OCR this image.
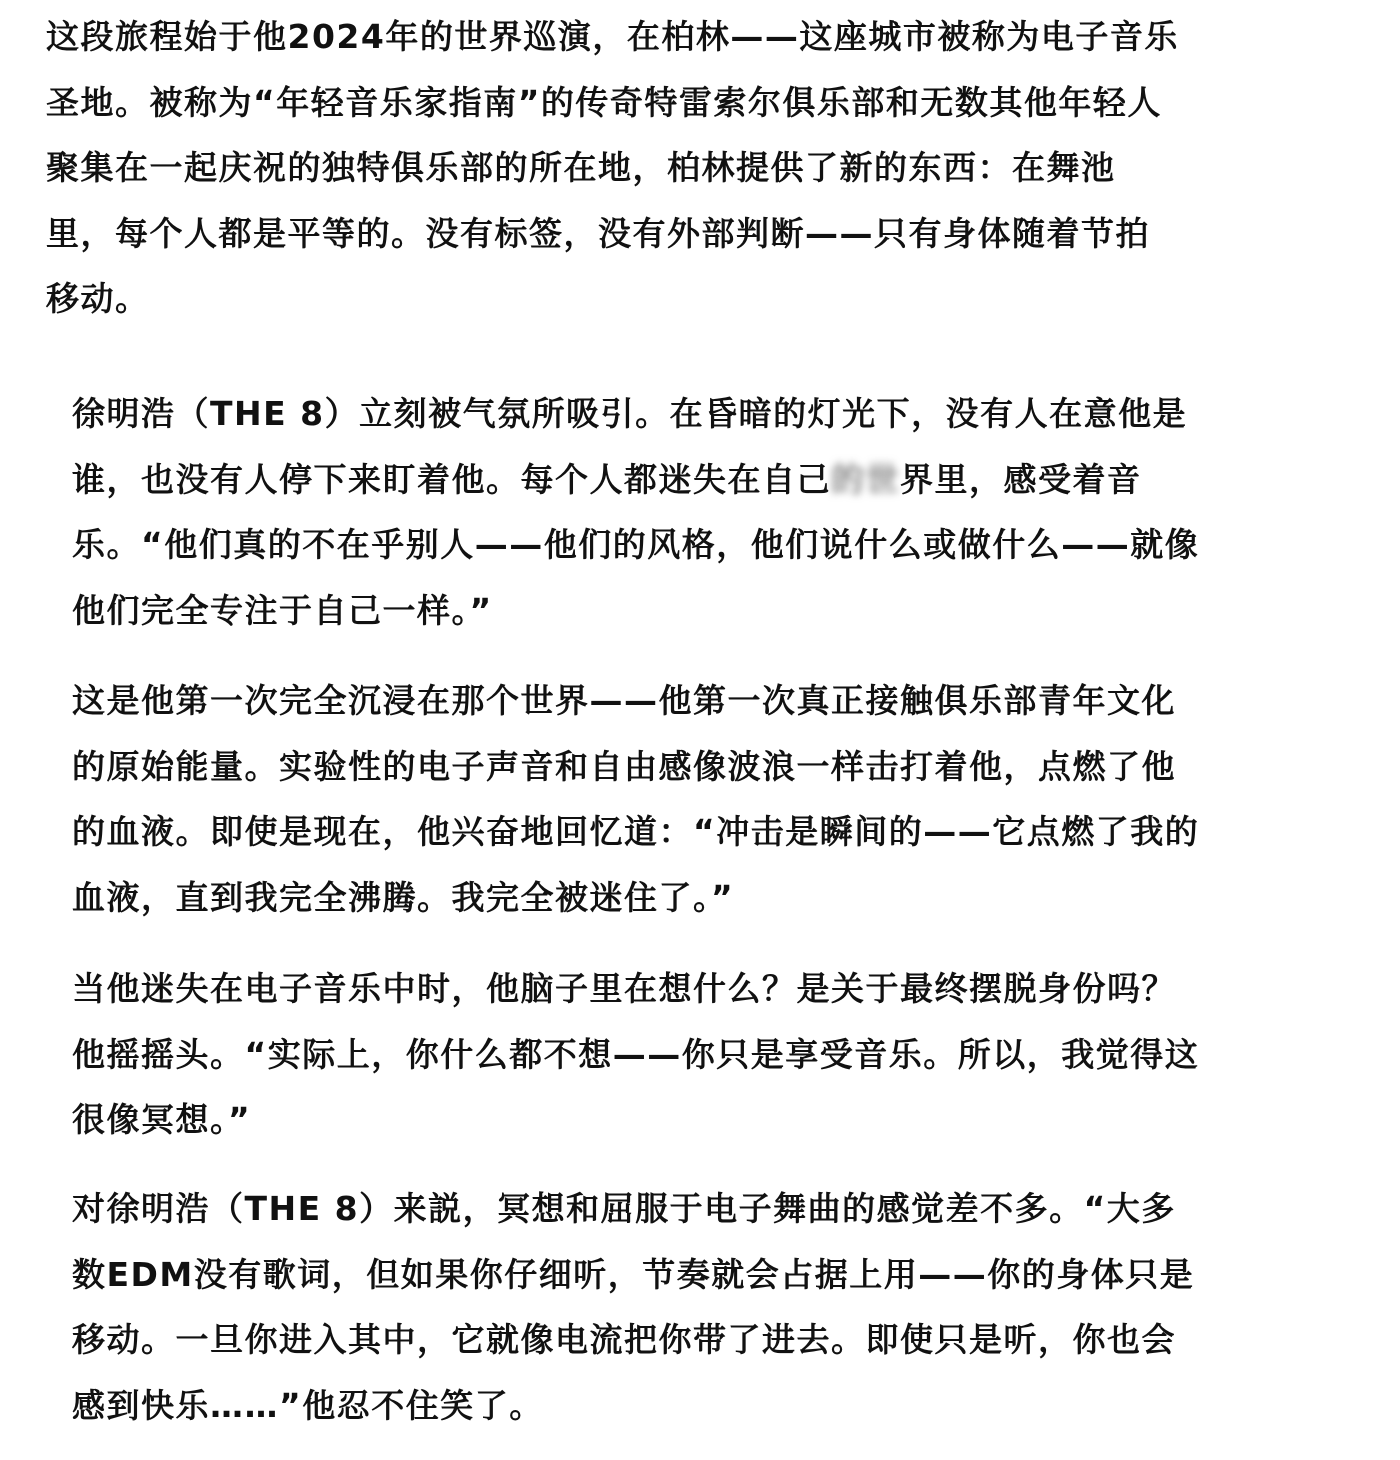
这段旅程始于他2024年的世界巡演，在柏林——这座城市被称为电子音乐
圣地。被称为“年轻音乐家指南”的传奇特雷索尔俱乐部和无数其他年轻人
聚集在一起庆祝的独特俱乐部的所在地，柏林提供了新的东西：在舞池
里，每个人都是平等的。没有标签，没有外部判断——只有身体随着节拍
移动。
徐明浩（THE 8）立刻被气氛所吸引。在昏暗的灯光下，没有人在意他是
谁，也没有人停下来盯着他。每个人都迷失在自己的世界里，感受着音
乐。“他们真的不在乎别人——他们的风格，他们说什么或做什么——就像
他们完全专注于自己一样。”
这是他第一次完全沉浸在那个世界——他第一次真正接触俱乐部青年文化
的原始能量。实验性的电子声音和自由感像波浪一样击打着他，点燃了他
的血液。即使是现在，他兴奋地回忆道：“冲击是瞬间的——它点燃了我的
血液，直到我完全沸腾。我完全被迷住了。”
当他迷失在电子音乐中时，他脑子里在想什么？是关于最终摆脱身份吗？
他摇摇头。“实际上，你什么都不想——你只是享受音乐。所以，我觉得这
很像冥想。”
对徐明浩（THE 8）来説，冥想和屈服于电子舞曲的感觉差不多。“大多
数EDM没有歌词，但如果你仔细听，节奏就会占据上用——你的身体只是
移动。一旦你进入其中，它就像电流把你带了进去。即使只是听，你也会
感到快乐……”他忍不住笑了。
